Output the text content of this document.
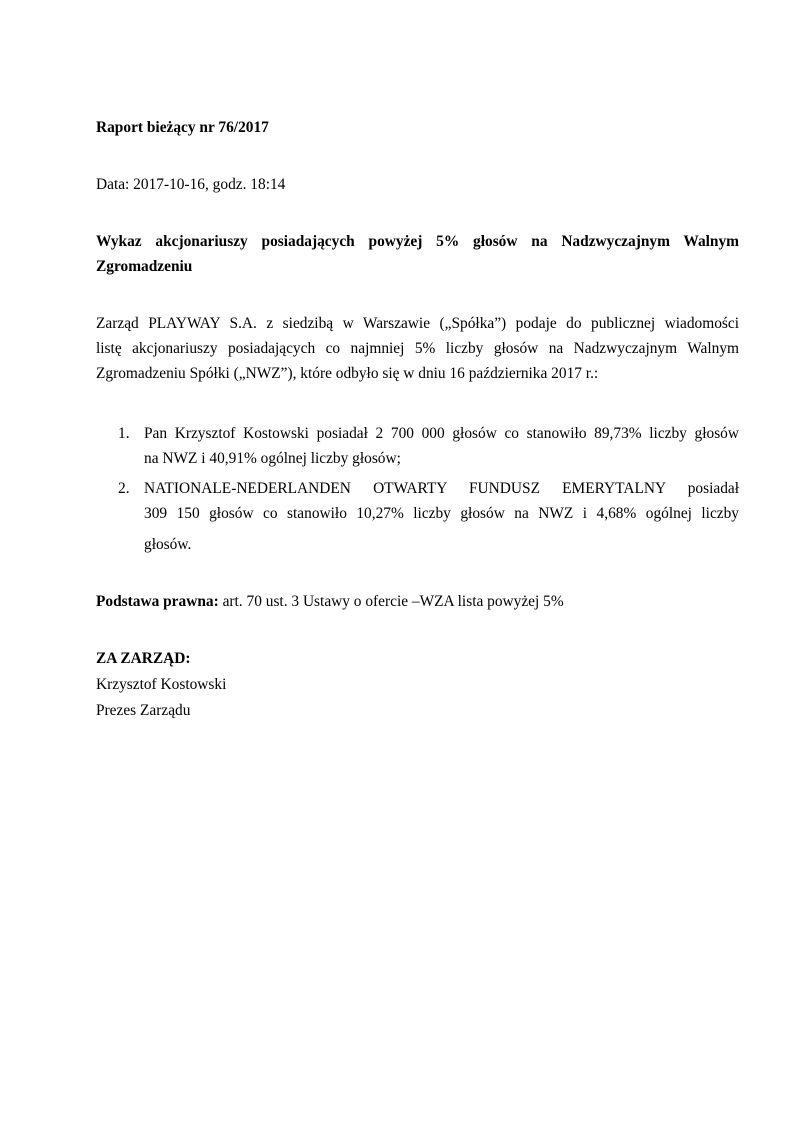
Raport bieżący nr 76/2017
Data: 2017-10-16, godz. 18:14
Wykaz akcjonariuszy posiadających powyżej 5% głosów na Nadzwyczajnym Walnym
Zgromadzeniu
Zarząd PLAYWAY S.A. z siedzibą w Warszawie („Spółka”) podaje do publicznej wiadomości
listę akcjonariuszy posiadających co najmniej 5% liczby głosów na Nadzwyczajnym Walnym
Zgromadzeniu Spółki („NWZ”), które odbyło się w dniu 16 października 2017 r.:
1. Pan Krzysztof Kostowski posiadał 2 700 000 głosów co stanowiło 89,73% liczby głosów
na NWZ i 40,91% ogólnej liczby głosów;
2. NATIONALE-NEDERLANDEN OTWARTY FUNDUSZ EMERYTALNY posiadał
309 150 głosów co stanowiło 10,27% liczby głosów na NWZ i 4,68% ogólnej liczby
głosów.
Podstawa prawna: art. 70 ust. 3 Ustawy o ofercie –WZA lista powyżej 5%
ZA ZARZĄD:
Krzysztof Kostowski
Prezes Zarządu
